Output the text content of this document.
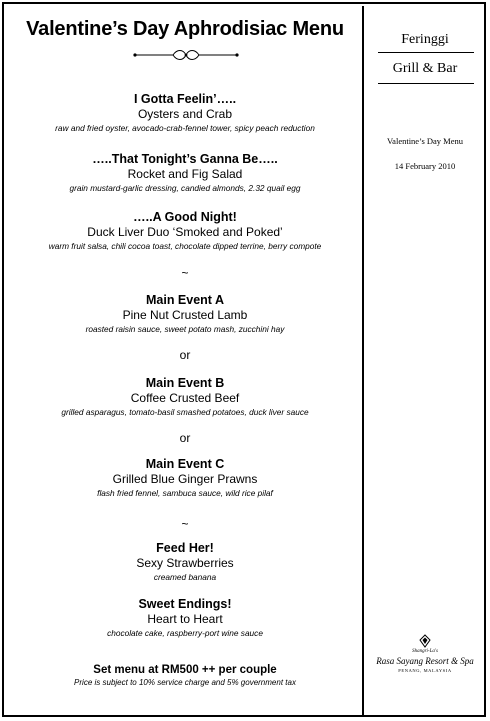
Valentine’s Day Aphrodisiac Menu
I Gotta Feelin’…..
Oysters and Crab
raw and fried oyster, avocado-crab-fennel tower, spicy peach reduction
…..That Tonight’s Ganna Be…..
Rocket and Fig Salad
grain mustard-garlic dressing, candied almonds, 2.32 quail egg
…..A Good Night!
Duck Liver Duo ‘Smoked and Poked’
warm fruit salsa, chili cocoa toast, chocolate dipped terrine, berry compote
~
Main Event A
Pine Nut Crusted Lamb
roasted raisin sauce, sweet potato mash, zucchini hay
or
Main Event B
Coffee Crusted Beef
grilled asparagus, tomato-basil smashed potatoes, duck liver sauce
or
Main Event C
Grilled Blue Ginger Prawns
flash fried fennel, sambuca sauce, wild rice pilaf
~
Feed Her!
Sexy Strawberries
creamed banana
Sweet Endings!
Heart to Heart
chocolate cake, raspberry-port wine sauce
Set menu at RM500 ++ per couple
Price is subject to 10% service charge and 5% government tax
Feringgi
Grill & Bar
Valentine’s Day Menu
14 February 2010
Shangri-La's
Rasa Sayang Resort & Spa
PENANG, MALAYSIA
